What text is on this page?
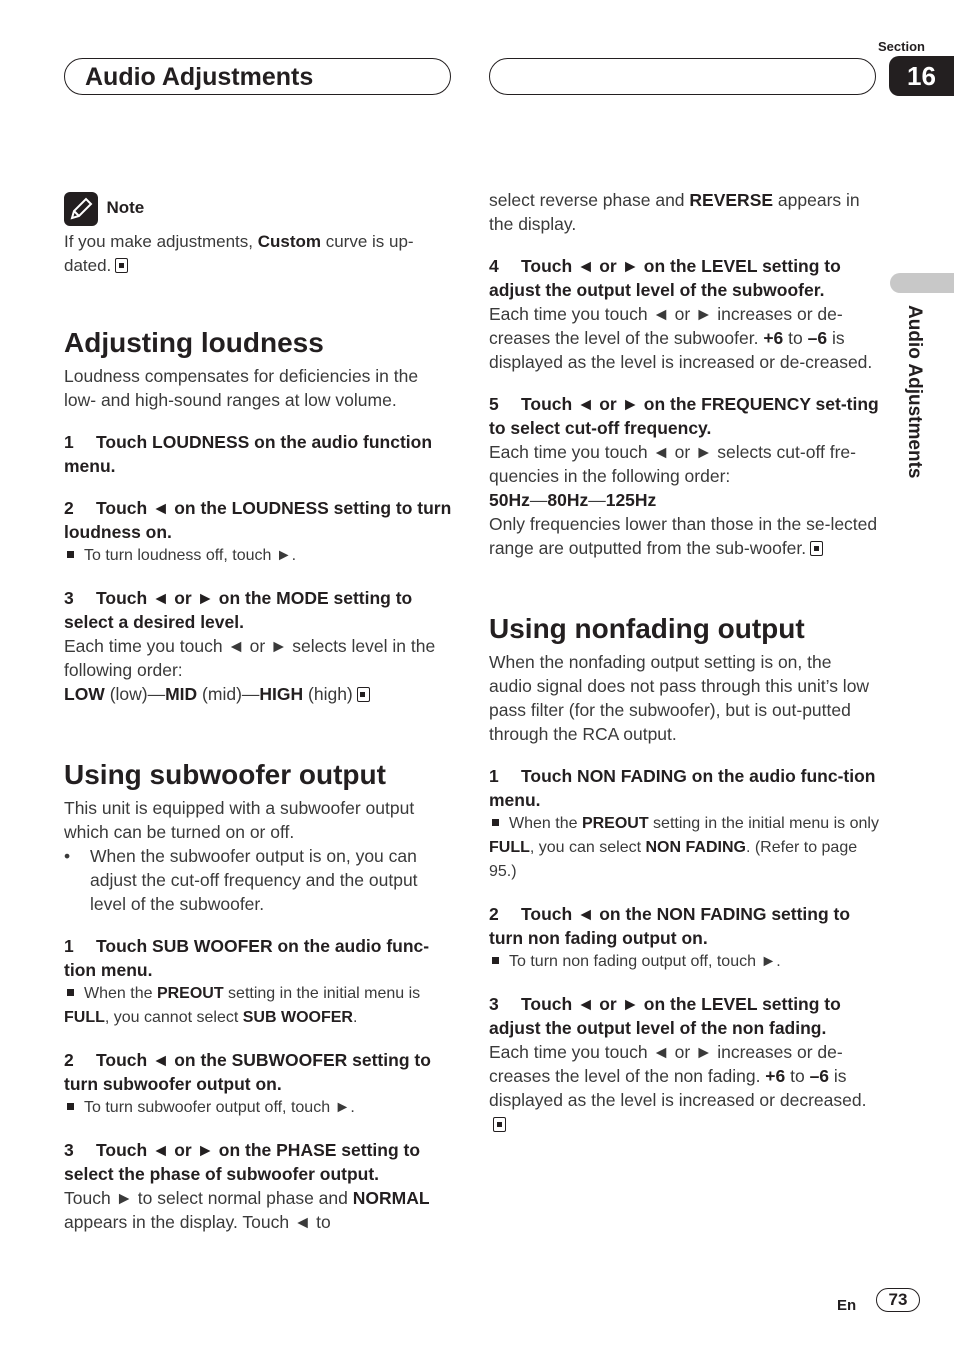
Audio Adjustments
Section
16
Audio Adjustments
Note

If you make adjustments, Custom curve is up-dated.

Adjusting loudness

Loudness compensates for deficiencies in the low- and high-sound ranges at low volume.

1 Touch LOUDNESS on the audio function menu.

2 Touch ◄ on the LOUDNESS setting to turn loudness on.

To turn loudness off, touch ►.

3 Touch ◄ or ► on the MODE setting to select a desired level.

Each time you touch ◄ or ► selects level in the following order:

LOW (low)—MID (mid)—HIGH (high)

Using subwoofer output

This unit is equipped with a subwoofer output which can be turned on or off.

• When the subwoofer output is on, you can adjust the cut-off frequency and the output level of the subwoofer.

1 Touch SUB WOOFER on the audio func-tion menu.

When the PREOUT setting in the initial menu is FULL, you cannot select SUB WOOFER.

2 Touch ◄ on the SUBWOOFER setting to turn subwoofer output on.

To turn subwoofer output off, touch ►.

3 Touch ◄ or ► on the PHASE setting to select the phase of subwoofer output.

Touch ► to select normal phase and NORMAL appears in the display. Touch ◄ to

select reverse phase and REVERSE appears in the display.

4 Touch ◄ or ► on the LEVEL setting to adjust the output level of the subwoofer.

Each time you touch ◄ or ► increases or de-creases the level of the subwoofer. +6 to –6 is displayed as the level is increased or de-creased.

5 Touch ◄ or ► on the FREQUENCY set-ting to select cut-off frequency.

Each time you touch ◄ or ► selects cut-off fre-quencies in the following order:

50Hz—80Hz—125Hz

Only frequencies lower than those in the se-lected range are outputted from the sub-woofer.

Using nonfading output

When the nonfading output setting is on, the audio signal does not pass through this unit’s low pass filter (for the subwoofer), but is out-putted through the RCA output.

1 Touch NON FADING on the audio func-tion menu.

When the PREOUT setting in the initial menu is only FULL, you can select NON FADING. (Refer to page 95.)

2 Touch ◄ on the NON FADING setting to turn non fading output on.

To turn non fading output off, touch ►.

3 Touch ◄ or ► on the LEVEL setting to adjust the output level of the non fading.

Each time you touch ◄ or ► increases or de-creases the level of the non fading. +6 to –6 is displayed as the level is increased or decreased.

En	73
